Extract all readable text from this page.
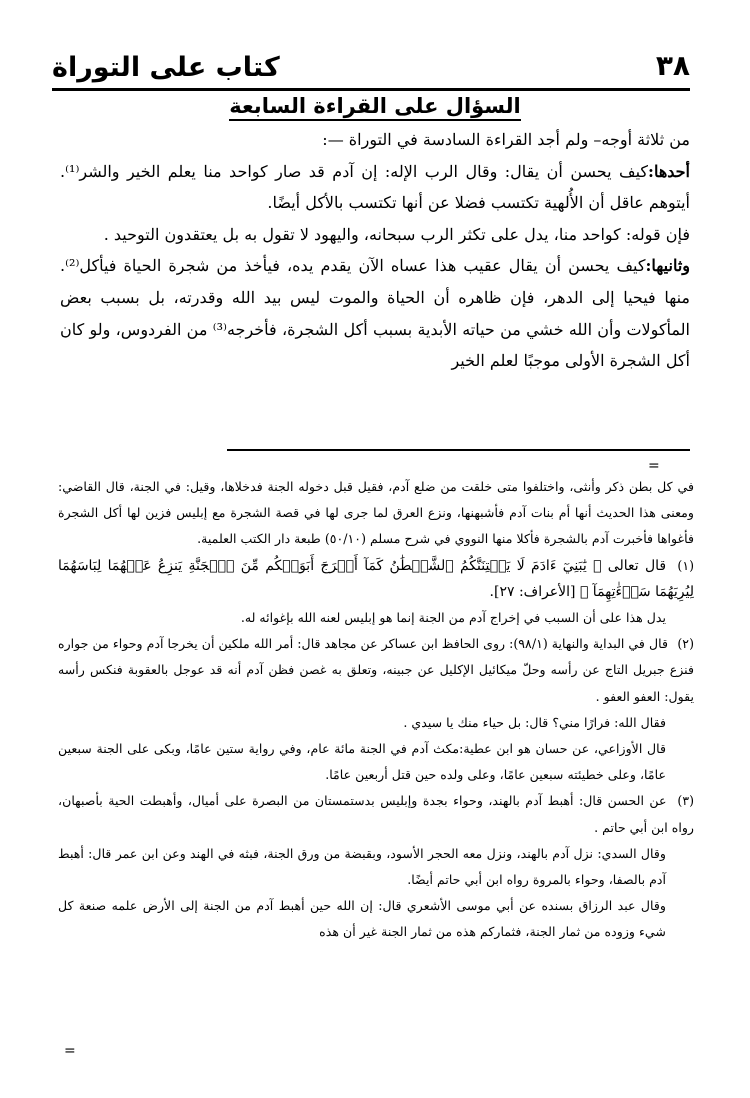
٣٨
كتاب على التوراة
السؤال على القراءة السابعة

من ثلاثة أوجه– ولم أجد القراءة السادسة في التوراة —:

أحدها:كيف يحسن أن يقال: وقال الرب الإله: إن آدم قد صار كواحد منا يعلم الخير والشر⁽¹⁾. أيتوهم عاقل أن الأُلهية تكتسب فضلا عن أنها تكتسب بالأكل أيضًا.

فإن قوله: كواحد منا، يدل على تكثر الرب سبحانه، واليهود لا تقول به بل يعتقدون التوحيد .

وثانيها:كيف يحسن أن يقال عقيب هذا عساه الآن يقدم يده، فيأخذ من شجرة الحياة فيأكل⁽²⁾. منها فيحيا إلى الدهر، فإن ظاهره أن الحياة والموت ليس بيد الله وقدرته، بل بسبب بعض المأكولات وأن الله خشي من حياته الأبدية بسبب أكل الشجرة، فأخرجه⁽³⁾ من الفردوس، ولو كان أكل الشجرة الأولى موجبًا لعلم الخير

=

في كل بطن ذكر وأنثى، واختلفوا متى خلقت من ضلع آدم، فقيل قبل دخوله الجنة فدخلاها، وقيل: في الجنة، قال القاضي: ومعنى هذا الحديث أنها أم بنات آدم فأشبهنها، ونزع العرق لما جرى لها في قصة الشجرة مع إبليس فزين لها أكل الشجرة فأغواها فأخبرت آدم بالشجرة فأكلا منها النووي في شرح مسلم (٥٠/١٠) طبعة دار الكتب العلمية.

(١) قال تعالى ﴿ يَٰبَنِيٓ ءَادَمَ لَا يَفۡتِنَنَّكُمُ ٱلشَّيۡطَٰنُ كَمَآ أَخۡرَجَ أَبَوَيۡكُم مِّنَ ٱلۡجَنَّةِ يَنزِعُ عَنۡهُمَا لِبَاسَهُمَا لِيُرِيَهُمَا سَوۡءَٰتِهِمَآ ﴾ [الأعراف: ٢٧].

يدل هذا على أن السبب في إخراج آدم من الجنة إنما هو إبليس لعنه الله بإغوائه له.

(٢) قال في البداية والنهاية (٩٨/١): روى الحافظ ابن عساكر عن مجاهد قال: أمر الله ملكين أن يخرجا آدم وحواء من جواره فنزع جبريل التاج عن رأسه وحلّ ميكائيل الإكليل عن جبينه، وتعلق به غصن فظن آدم أنه قد عوجل بالعقوبة فنكس رأسه يقول: العفو العفو .

فقال الله: فرارًا مني؟ قال: بل حياء منك يا سيدي .

قال الأوزاعي، عن حسان هو ابن عطية:مكث آدم في الجنة مائة عام، وفي رواية ستين عامًا، وبكى على الجنة سبعين عامًا، وعلى خطيئته سبعين عامًا، وعلى ولده حين قتل أربعين عامًا.

(٣) عن الحسن قال: أهبط آدم بالهند، وحواء بجدة وإبليس بدستمستان من البصرة على أميال، وأهبطت الحية بأصبهان، رواه ابن أبي حاتم .

وقال السدي: نزل آدم بالهند، ونزل معه الحجر الأسود، وبقبضة من ورق الجنة، فبثه في الهند وعن ابن عمر قال: أهبط آدم بالصفا، وحواء بالمروة رواه ابن أبي حاتم أيضًا.

وقال عبد الرزاق بسنده عن أبي موسى الأشعري قال: إن الله حين أهبط آدم من الجنة إلى الأرض علمه صنعة كل شيء وزوده من ثمار الجنة، فثماركم هذه من ثمار الجنة غير أن هذه

=
